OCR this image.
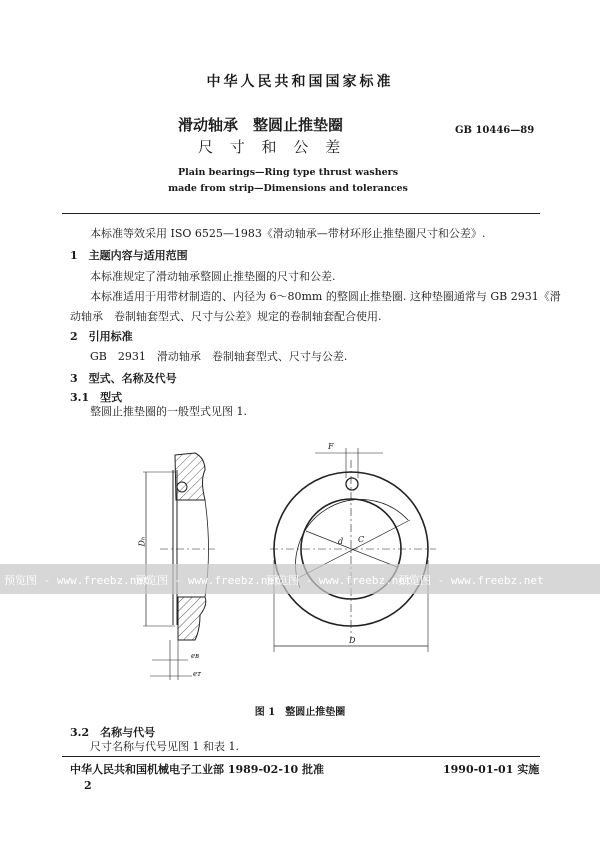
中华人民共和国国家标准
滑动轴承　整圆止推垫圈
尺 寸 和 公 差
GB 10446—89
Plain bearings—Ring type thrust washers
made from strip—Dimensions and tolerances
本标准等效采用 ISO 6525—1983《滑动轴承—带材环形止推垫圈尺寸和公差》.
1　主题内容与适用范围
本标准规定了滑动轴承整圆止推垫圈的尺寸和公差.
本标准适用于用带材制造的、内径为 6～80mm 的整圆止推垫圈. 这种垫圈通常与 GB 2931《滑
动轴承　卷制轴套型式、尺寸与公差》规定的卷制轴套配合使用.
2　引用标准
GB　2931　滑动轴承　卷制轴套型式、尺寸与公差.
3　型式、名称及代号
3.1　型式
整圆止推垫圈的一般型式见图 1.
F
d C
D
Dₕ
eʙ
eᴛ
预览图 - www.freebz.net
预览图 - www.freebz.net
预览图 - www.freebz.net
预览图 - www.freebz.net
图 1　整圆止推垫圈
3.2　名称与代号
尺寸名称与代号见图 1 和表 1.
中华人民共和国机械电子工业部 1989-02-10 批准	1990-01-01 实施
2
